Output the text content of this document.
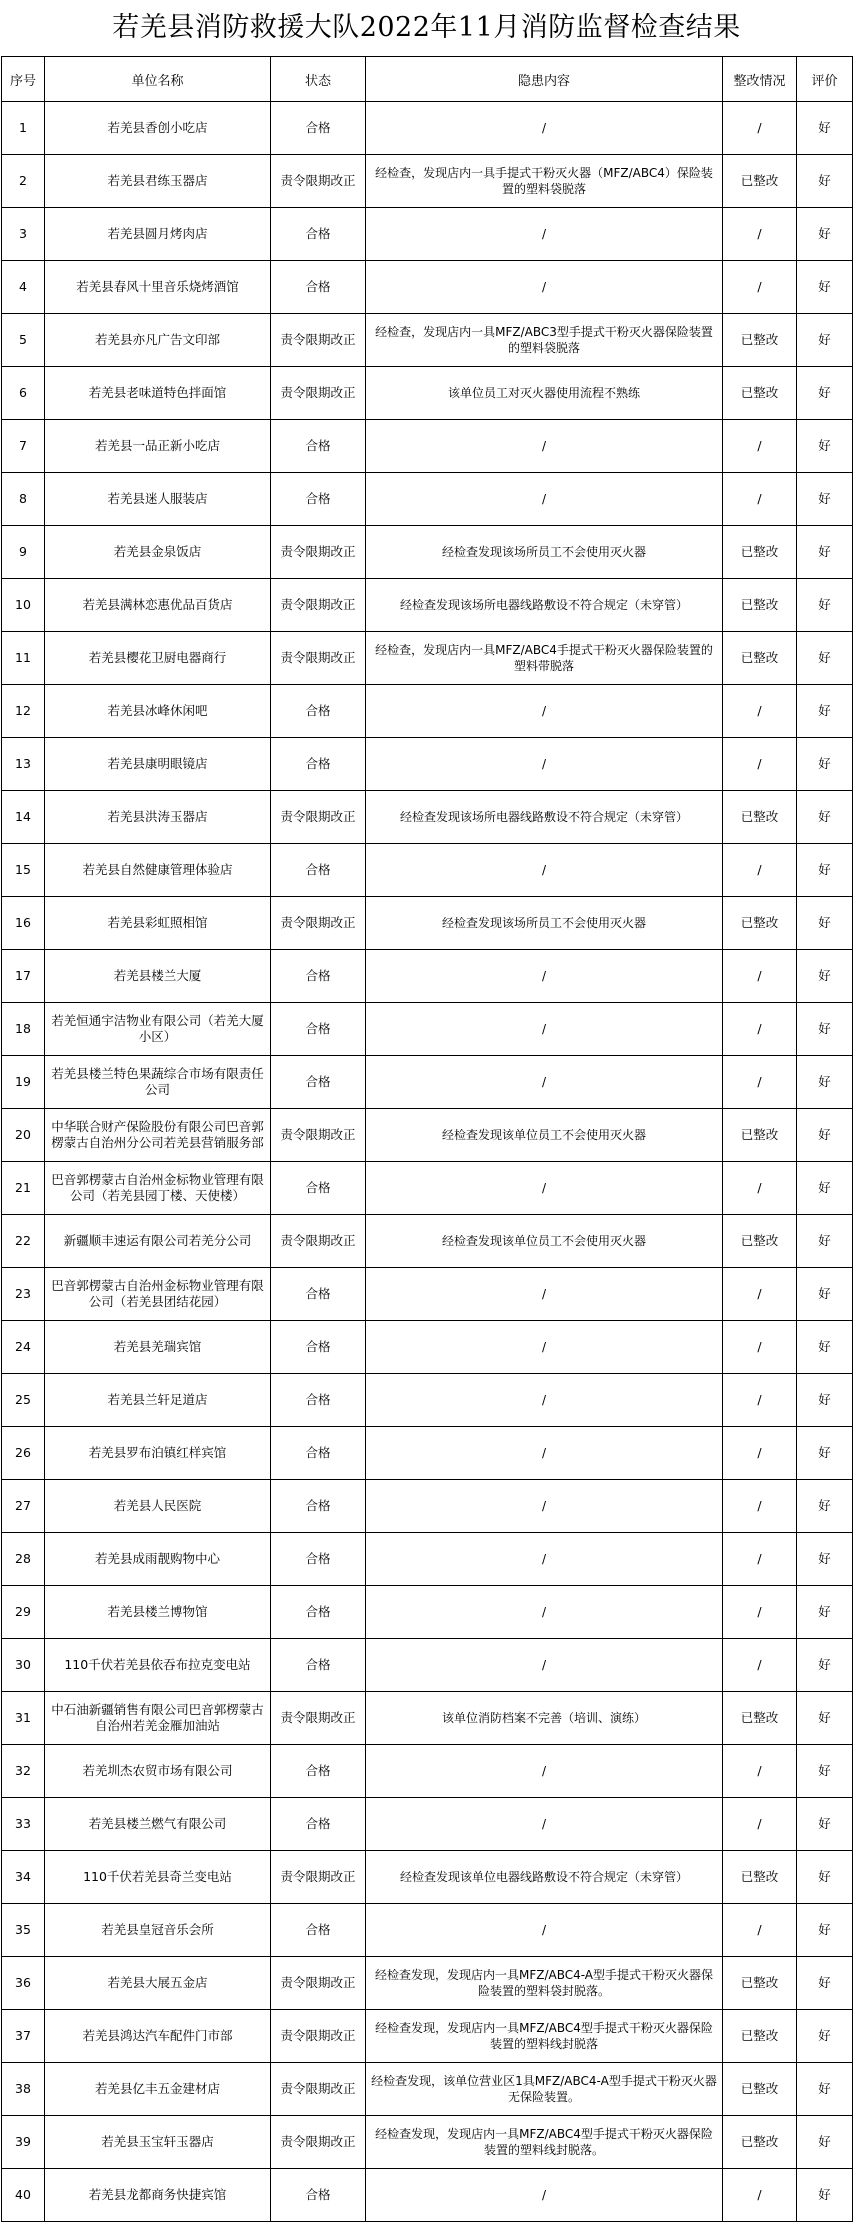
若羌县消防救援大队2022年11月消防监督检查结果
序号	单位名称	状态	隐患内容	整改情况	评价
1	若羌县香创小吃店	合格	/	/	好
2	若羌县君练玉器店	责令限期改正	经检查，发现店内一具手提式干粉灭火器（MFZ/ABC4）保险装置的塑料袋脱落	已整改	好
3	若羌县圆月烤肉店	合格	/	/	好
4	若羌县春风十里音乐烧烤酒馆	合格	/	/	好
5	若羌县亦凡广告文印部	责令限期改正	经检查，发现店内一具MFZ/ABC3型手提式干粉灭火器保险装置的塑料袋脱落	已整改	好
6	若羌县老味道特色拌面馆	责令限期改正	该单位员工对灭火器使用流程不熟练	已整改	好
7	若羌县一品正新小吃店	合格	/	/	好
8	若羌县迷人服装店	合格	/	/	好
9	若羌县金泉饭店	责令限期改正	经检查发现该场所员工不会使用灭火器	已整改	好
10	若羌县满林恋惠优品百货店	责令限期改正	经检查发现该场所电器线路敷设不符合规定（未穿管）	已整改	好
11	若羌县樱花卫厨电器商行	责令限期改正	经检查，发现店内一具MFZ/ABC4手提式干粉灭火器保险装置的塑料带脱落	已整改	好
12	若羌县冰峰休闲吧	合格	/	/	好
13	若羌县康明眼镜店	合格	/	/	好
14	若羌县洪涛玉器店	责令限期改正	经检查发现该场所电器线路敷设不符合规定（未穿管）	已整改	好
15	若羌县自然健康管理体验店	合格	/	/	好
16	若羌县彩虹照相馆	责令限期改正	经检查发现该场所员工不会使用灭火器	已整改	好
17	若羌县楼兰大厦	合格	/	/	好
18	若羌恒通宇洁物业有限公司（若羌大厦小区）	合格	/	/	好
19	若羌县楼兰特色果蔬综合市场有限责任公司	合格	/	/	好
20	中华联合财产保险股份有限公司巴音郭楞蒙古自治州分公司若羌县营销服务部	责令限期改正	经检查发现该单位员工不会使用灭火器	已整改	好
21	巴音郭楞蒙古自治州金标物业管理有限公司（若羌县园丁楼、天使楼）	合格	/	/	好
22	新疆顺丰速运有限公司若羌分公司	责令限期改正	经检查发现该单位员工不会使用灭火器	已整改	好
23	巴音郭楞蒙古自治州金标物业管理有限公司（若羌县团结花园）	合格	/	/	好
24	若羌县羌瑞宾馆	合格	/	/	好
25	若羌县兰轩足道店	合格	/	/	好
26	若羌县罗布泊镇红样宾馆	合格	/	/	好
27	若羌县人民医院	合格	/	/	好
28	若羌县成雨靓购物中心	合格	/	/	好
29	若羌县楼兰博物馆	合格	/	/	好
30	110千伏若羌县依吞布拉克变电站	合格	/	/	好
31	中石油新疆销售有限公司巴音郭楞蒙古自治州若羌金雁加油站	责令限期改正	该单位消防档案不完善（培训、演练）	已整改	好
32	若羌圳杰农贸市场有限公司	合格	/	/	好
33	若羌县楼兰燃气有限公司	合格	/	/	好
34	110千伏若羌县奇兰变电站	责令限期改正	经检查发现该单位电器线路敷设不符合规定（未穿管）	已整改	好
35	若羌县皇冠音乐会所	合格	/	/	好
36	若羌县大展五金店	责令限期改正	经检查发现，发现店内一具MFZ/ABC4-A型手提式干粉灭火器保险装置的塑料袋封脱落。	已整改	好
37	若羌县鸿达汽车配件门市部	责令限期改正	经检查发现，发现店内一具MFZ/ABC4型手提式干粉灭火器保险装置的塑料线封脱落	已整改	好
38	若羌县亿丰五金建材店	责令限期改正	经检查发现，该单位营业区1具MFZ/ABC4-A型手提式干粉灭火器无保险装置。	已整改	好
39	若羌县玉宝轩玉器店	责令限期改正	经检查发现，发现店内一具MFZ/ABC4型手提式干粉灭火器保险装置的塑料线封脱落。	已整改	好
40	若羌县龙都商务快捷宾馆	合格	/	/	好
